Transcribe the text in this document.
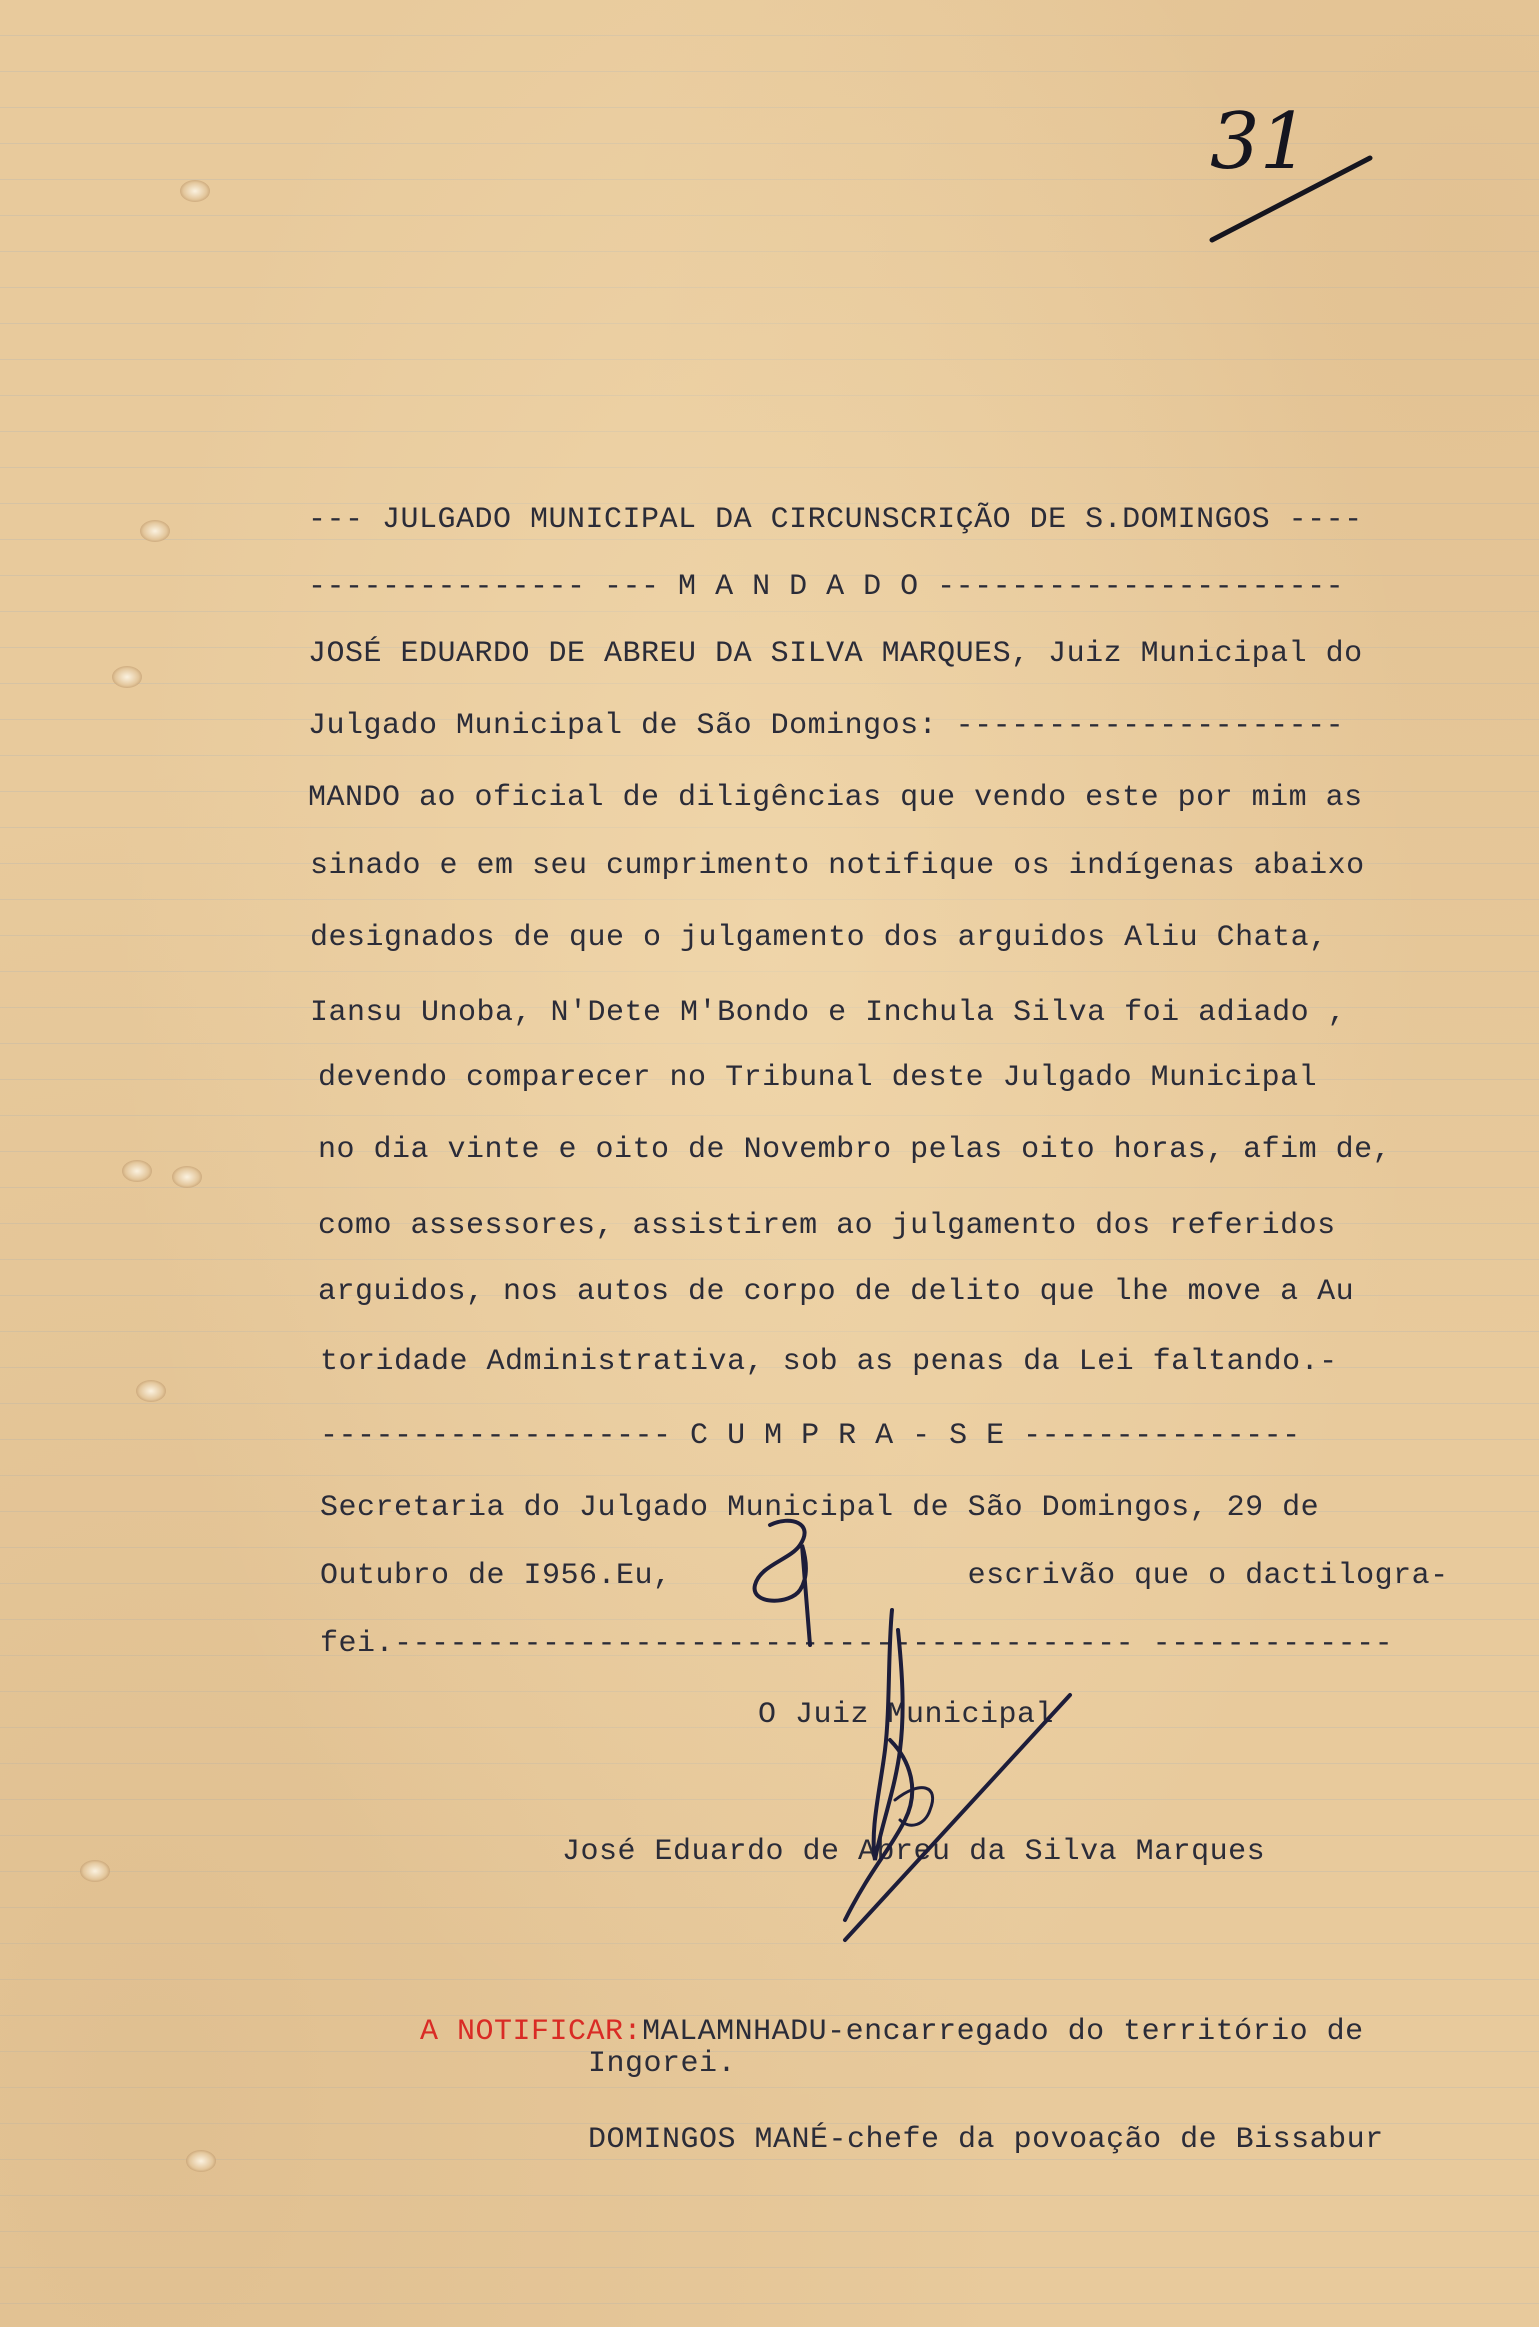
31
--- JULGADO MUNICIPAL DA CIRCUNSCRIÇÃO DE S.DOMINGOS ----
--------------- --- M A N D A D O ----------------------
JOSÉ EDUARDO DE ABREU DA SILVA MARQUES, Juiz Municipal do
Julgado Municipal de São Domingos: ---------------------
MANDO ao oficial de diligências que vendo este por mim as
sinado e em seu cumprimento notifique os indígenas abaixo
designados de que o julgamento dos arguidos Aliu Chata,
Iansu Unoba, N'Dete M'Bondo e Inchula Silva foi adiado ,
devendo comparecer no Tribunal deste Julgado Municipal
no dia vinte e oito de Novembro pelas oito horas, afim de,
como assessores, assistirem ao julgamento dos referidos
arguidos, nos autos de corpo de delito que lhe move a Au
toridade Administrativa, sob as penas da Lei faltando.-
------------------- C U M P R A - S E ---------------
Secretaria do Julgado Municipal de São Domingos, 29 de
Outubro de I956.Eu,                escrivão que o dactilogra-
fei.---------------------------------------- -------------
O Juiz Municipal
José Eduardo de Abreu da Silva Marques

A NOTIFICAR:MALAMNHADU-encarregado do território de

Ingorei.
DOMINGOS MANÉ-chefe da povoação de Bissabur
